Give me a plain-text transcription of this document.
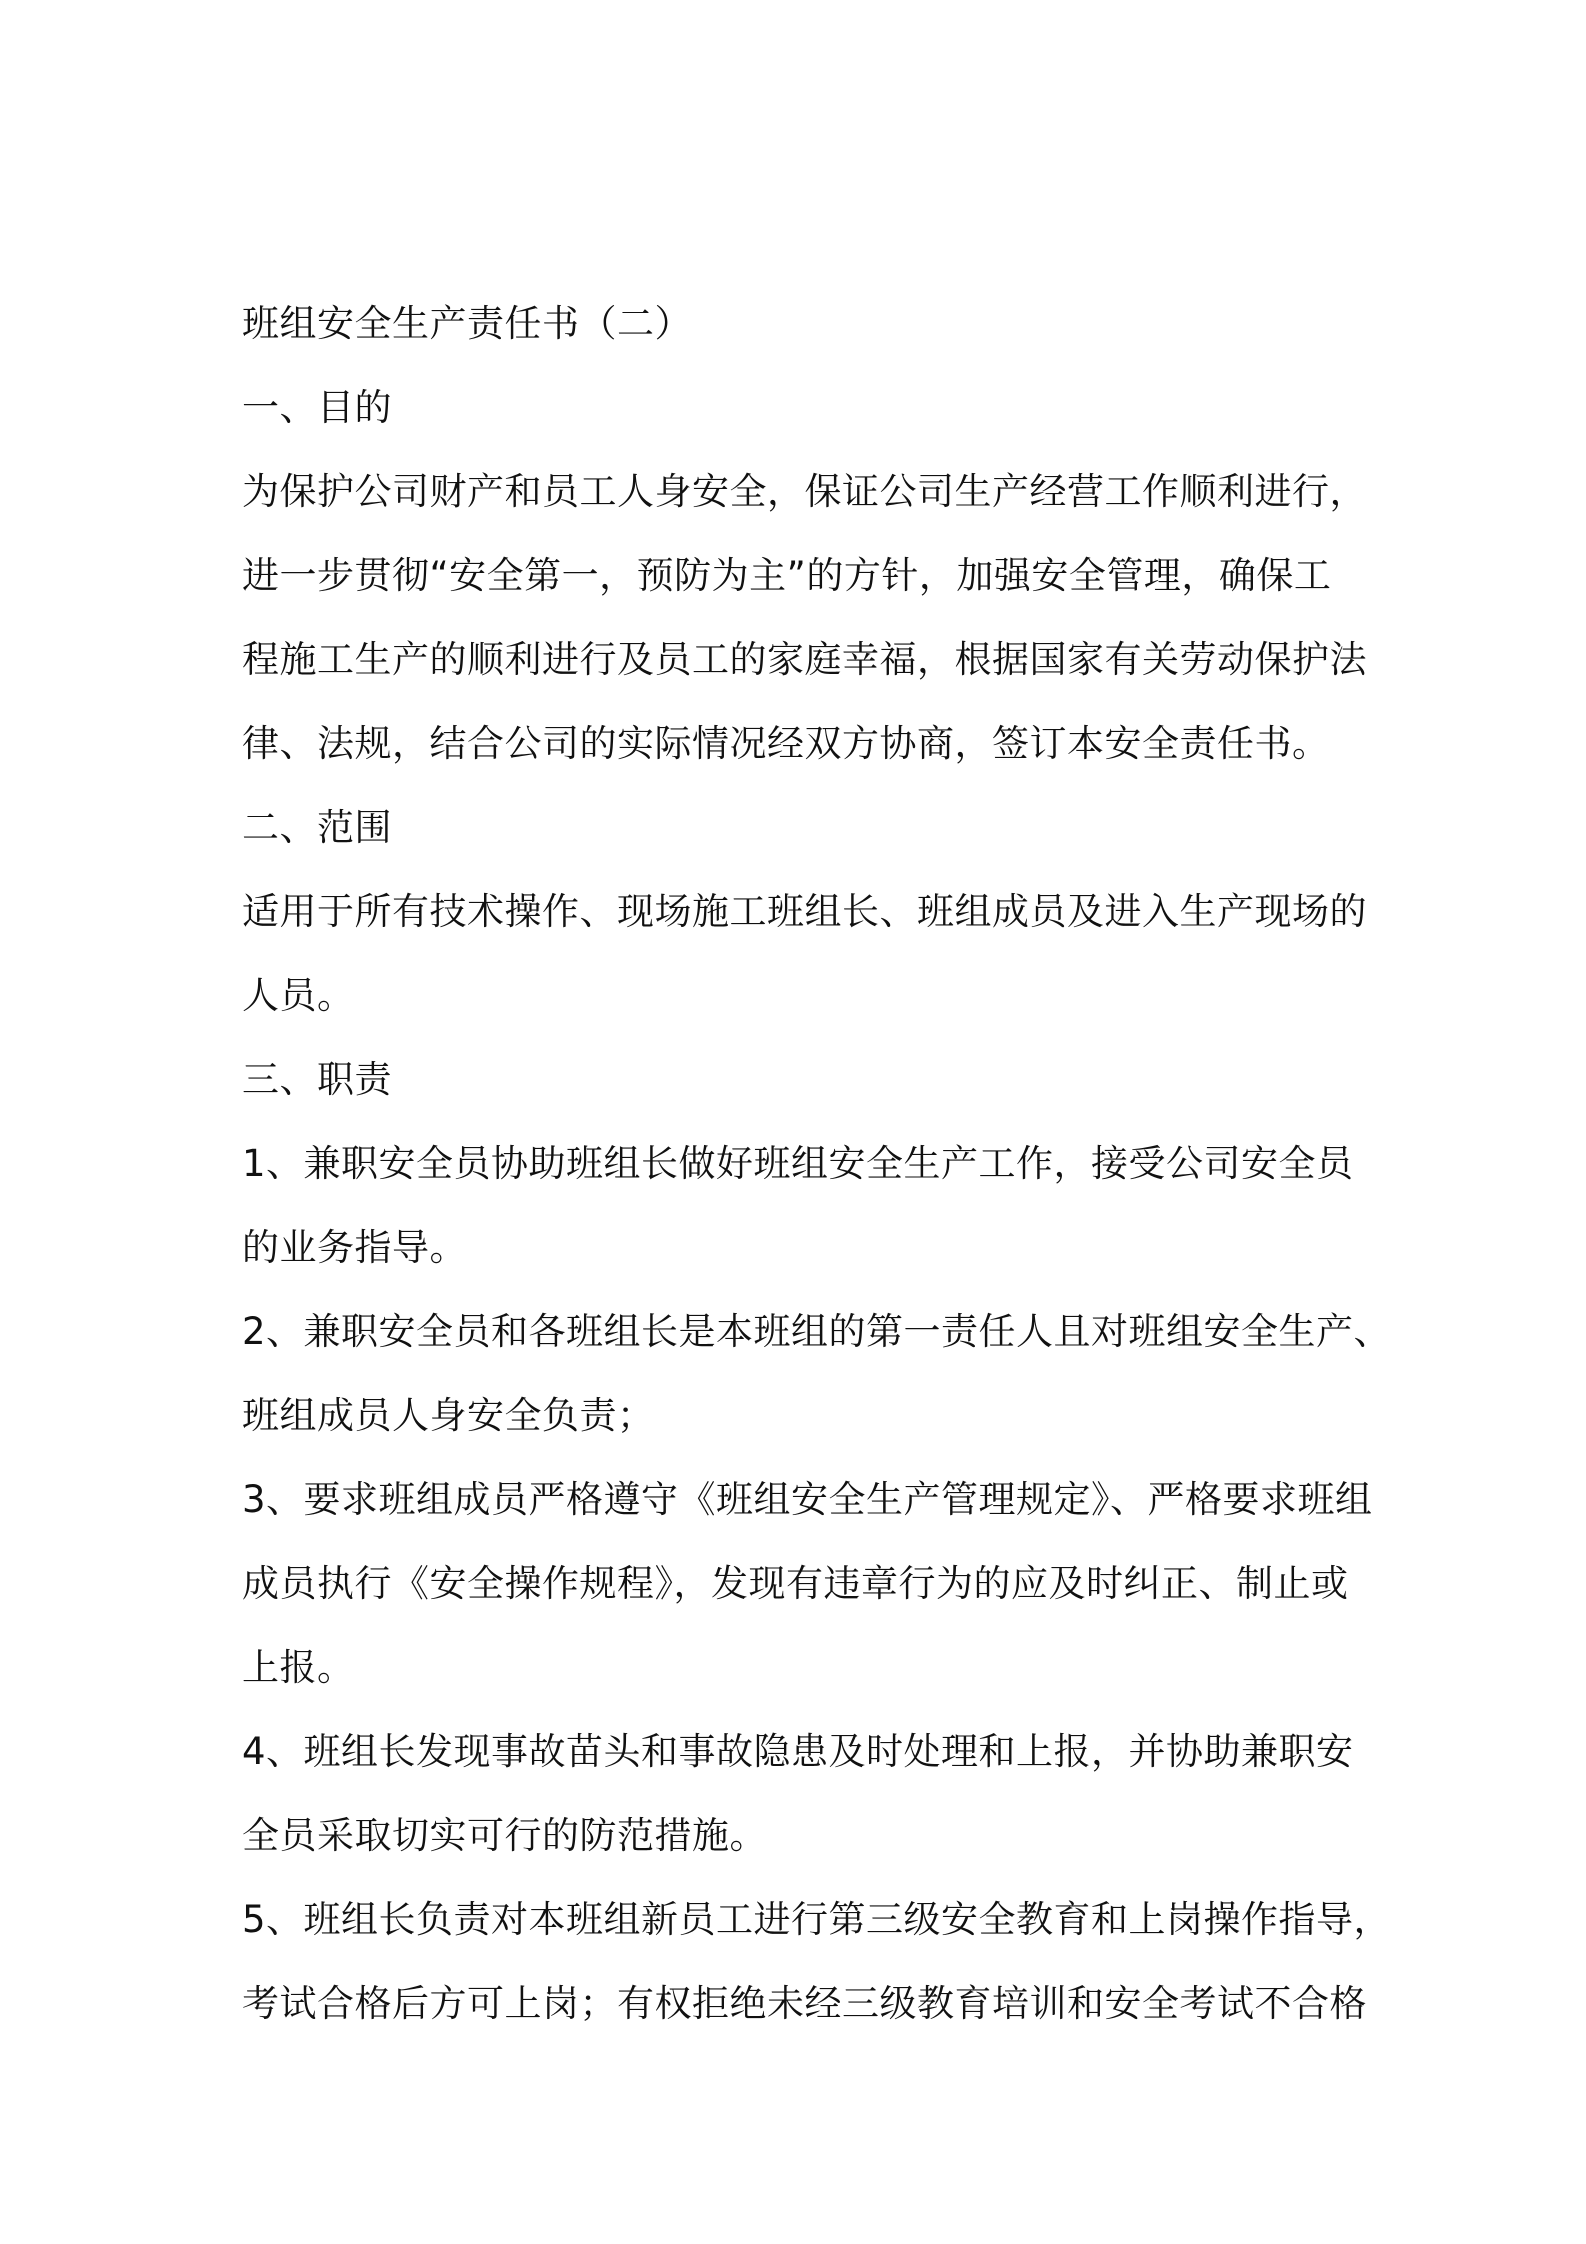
班组安全生产责任书（二）
一、目的
为保护公司财产和员工人身安全，保证公司生产经营工作顺利进行，
进一步贯彻“安全第一，预防为主”的方针，加强安全管理，确保工
程施工生产的顺利进行及员工的家庭幸福，根据国家有关劳动保护法
律、法规，结合公司的实际情况经双方协商，签订本安全责任书。
二、范围
适用于所有技术操作、现场施工班组长、班组成员及进入生产现场的
人员。
三、职责
1、兼职安全员协助班组长做好班组安全生产工作，接受公司安全员
的业务指导。
2、兼职安全员和各班组长是本班组的第一责任人且对班组安全生产、
班组成员人身安全负责；
3、要求班组成员严格遵守《班组安全生产管理规定》、严格要求班组
成员执行《安全操作规程》，发现有违章行为的应及时纠正、制止或
上报。
4、班组长发现事故苗头和事故隐患及时处理和上报，并协助兼职安
全员采取切实可行的防范措施。
5、班组长负责对本班组新员工进行第三级安全教育和上岗操作指导，
考试合格后方可上岗；有权拒绝未经三级教育培训和安全考试不合格
